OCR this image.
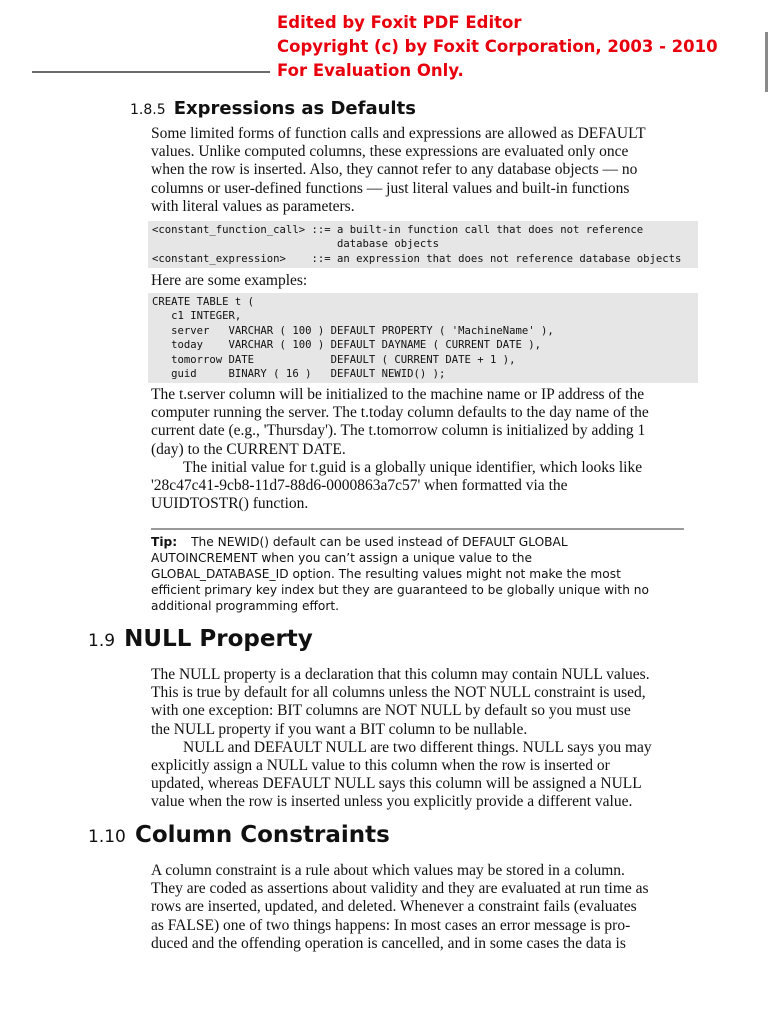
Edited by Foxit PDF Editor
Copyright (c) by Foxit Corporation, 2003 - 2010
For Evaluation Only.
1.8.5 Expressions as Defaults
Some limited forms of function calls and expressions are allowed as DEFAULT
values. Unlike computed columns, these expressions are evaluated only once
when the row is inserted. Also, they cannot refer to any database objects — no
columns or user-defined functions — just literal values and built-in functions
with literal values as parameters.
<constant_function_call> ::= a built-in function call that does not reference
database objects
<constant_expression>    ::= an expression that does not reference database objects
Here are some examples:
CREATE TABLE t (
c1 INTEGER,
server   VARCHAR ( 100 ) DEFAULT PROPERTY ( 'MachineName' ),
today    VARCHAR ( 100 ) DEFAULT DAYNAME ( CURRENT DATE ),
tomorrow DATE            DEFAULT ( CURRENT DATE + 1 ),
guid     BINARY ( 16 )   DEFAULT NEWID() );
The t.server column will be initialized to the machine name or IP address of the
computer running the server. The t.today column defaults to the day name of the
current date (e.g., 'Thursday'). The t.tomorrow column is initialized by adding 1
(day) to the CURRENT DATE.
The initial value for t.guid is a globally unique identifier, which looks like
'28c47c41-9cb8-11d7-88d6-0000863a7c57' when formatted via the
UUIDTOSTR() function.
Tip: The NEWID() default can be used instead of DEFAULT GLOBAL
AUTOINCREMENT when you can’t assign a unique value to the
GLOBAL_DATABASE_ID option. The resulting values might not make the most
efficient primary key index but they are guaranteed to be globally unique with no
additional programming effort.
1.9 NULL Property
The NULL property is a declaration that this column may contain NULL values.
This is true by default for all columns unless the NOT NULL constraint is used,
with one exception: BIT columns are NOT NULL by default so you must use
the NULL property if you want a BIT column to be nullable.
NULL and DEFAULT NULL are two different things. NULL says you may
explicitly assign a NULL value to this column when the row is inserted or
updated, whereas DEFAULT NULL says this column will be assigned a NULL
value when the row is inserted unless you explicitly provide a different value.
1.10 Column Constraints
A column constraint is a rule about which values may be stored in a column.
They are coded as assertions about validity and they are evaluated at run time as
rows are inserted, updated, and deleted. Whenever a constraint fails (evaluates
as FALSE) one of two things happens: In most cases an error message is pro-
duced and the offending operation is cancelled, and in some cases the data is
